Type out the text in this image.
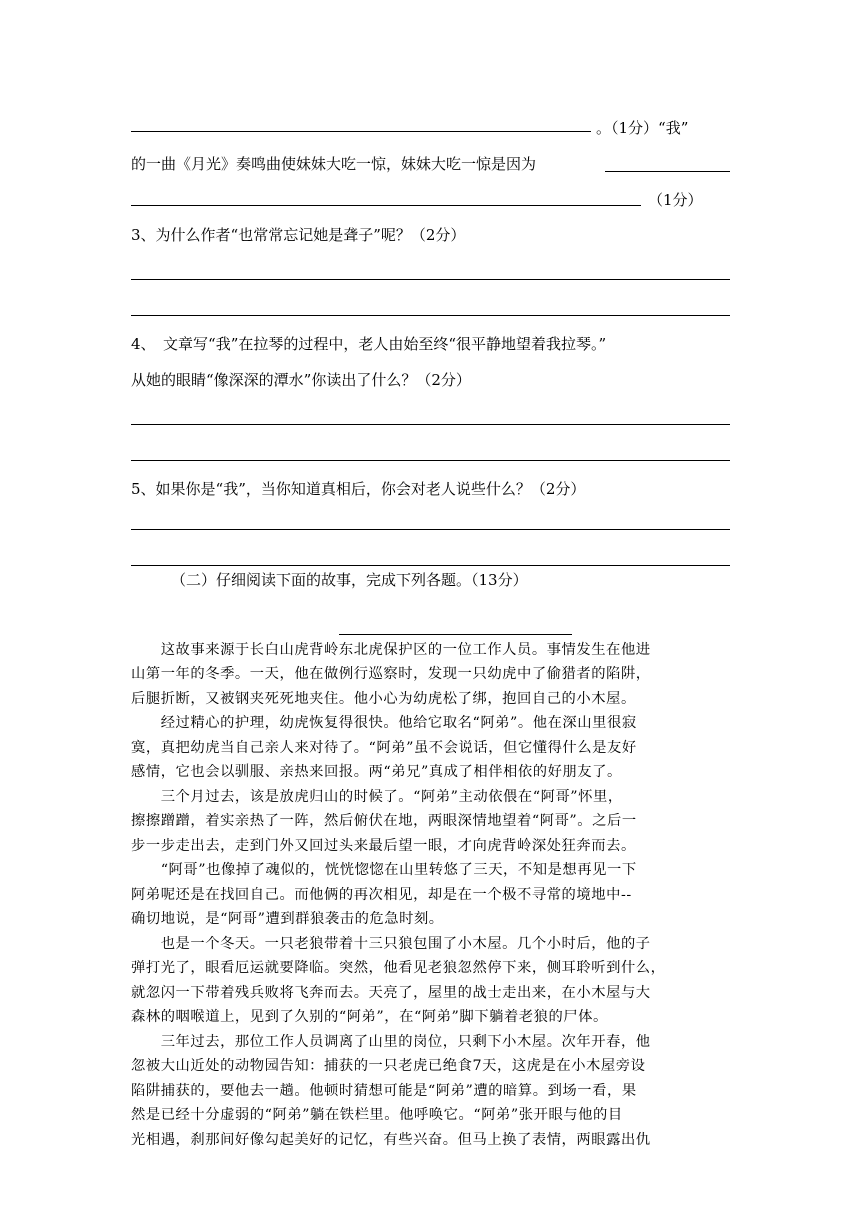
。（1分）“我”
的一曲《月光》奏鸣曲使妹妹大吃一惊，妹妹大吃一惊是因为
（1分）
3、为什么作者“也常常忘记她是聋子”呢？（2分）
4、　文章写“我”在拉琴的过程中，老人由始至终“很平静地望着我拉琴。”
从她的眼睛“像深深的潭水”你读出了什么？（2分）
5、如果你是“我”，当你知道真相后，你会对老人说些什么？（2分）
（二）仔细阅读下面的故事，完成下列各题。（13分）
　　这故事来源于长白山虎背岭东北虎保护区的一位工作人员。事情发生在他进
山第一年的冬季。一天，他在做例行巡察时，发现一只幼虎中了偷猎者的陷阱，
后腿折断，又被钢夹死死地夹住。他小心为幼虎松了绑，抱回自己的小木屋。
　　经过精心的护理，幼虎恢复得很快。他给它取名“阿弟”。他在深山里很寂
寞，真把幼虎当自己亲人来对待了。“阿弟”虽不会说话，但它懂得什么是友好
感情，它也会以驯服、亲热来回报。两“弟兄”真成了相伴相依的好朋友了。
　　三个月过去，该是放虎归山的时候了。“阿弟”主动依偎在“阿哥”怀里，
擦擦蹭蹭，着实亲热了一阵，然后俯伏在地，两眼深情地望着“阿哥”。之后一
步一步走出去，走到门外又回过头来最后望一眼，才向虎背岭深处狂奔而去。
　　“阿哥”也像掉了魂似的，恍恍惚惚在山里转悠了三天，不知是想再见一下
阿弟呢还是在找回自己。而他俩的再次相见，却是在一个极不寻常的境地中--
确切地说，是“阿哥”遭到群狼袭击的危急时刻。
　　也是一个冬天。一只老狼带着十三只狼包围了小木屋。几个小时后，他的子
弹打光了，眼看厄运就要降临。突然，他看见老狼忽然停下来，侧耳聆听到什么，
就忽闪一下带着残兵败将飞奔而去。天亮了，屋里的战士走出来，在小木屋与大
森林的咽喉道上，见到了久别的“阿弟”，在“阿弟”脚下躺着老狼的尸体。
　　三年过去，那位工作人员调离了山里的岗位，只剩下小木屋。次年开春，他
忽被大山近处的动物园告知：捕获的一只老虎已绝食7天，这虎是在小木屋旁设
陷阱捕获的，要他去一趟。他顿时猜想可能是“阿弟”遭的暗算。到场一看，果
然是已经十分虚弱的“阿弟”躺在铁栏里。他呼唤它。“阿弟”张开眼与他的目
光相遇，刹那间好像勾起美好的记忆，有些兴奋。但马上换了表情，两眼露出仇
